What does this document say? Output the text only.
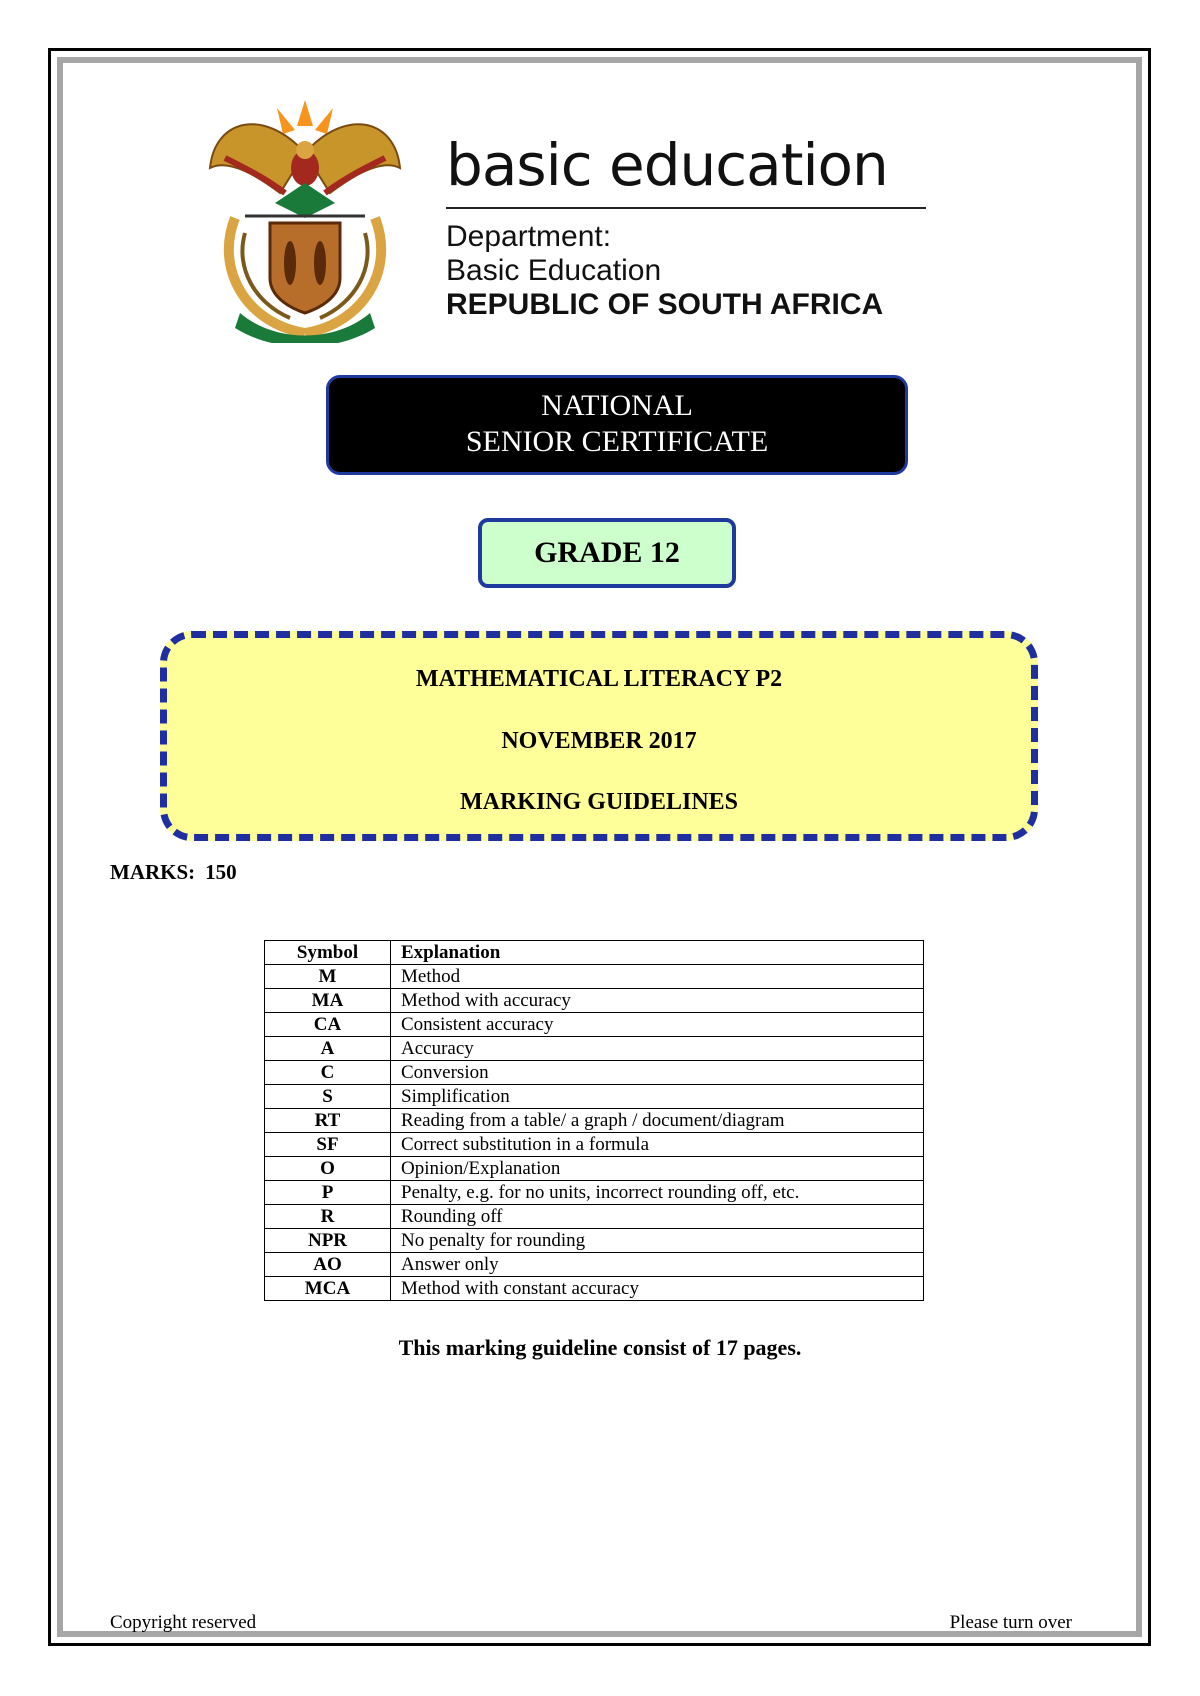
basic education
Department:
Basic Education
REPUBLIC OF SOUTH AFRICA
NATIONAL
SENIOR CERTIFICATE
GRADE 12
MATHEMATICAL LITERACY P2
NOVEMBER 2017
MARKING GUIDELINES
MARKS: 150
Symbol	Explanation
M	Method
MA	Method with accuracy
CA	Consistent accuracy
A	Accuracy
C	Conversion
S	Simplification
RT	Reading from a table/ a graph / document/diagram
SF	Correct substitution in a formula
O	Opinion/Explanation
P	Penalty, e.g. for no units, incorrect rounding off, etc.
R	Rounding off
NPR	No penalty for rounding
AO	Answer only
MCA	Method with constant accuracy
This marking guideline consist of 17 pages.
Copyright reserved	Please turn over
